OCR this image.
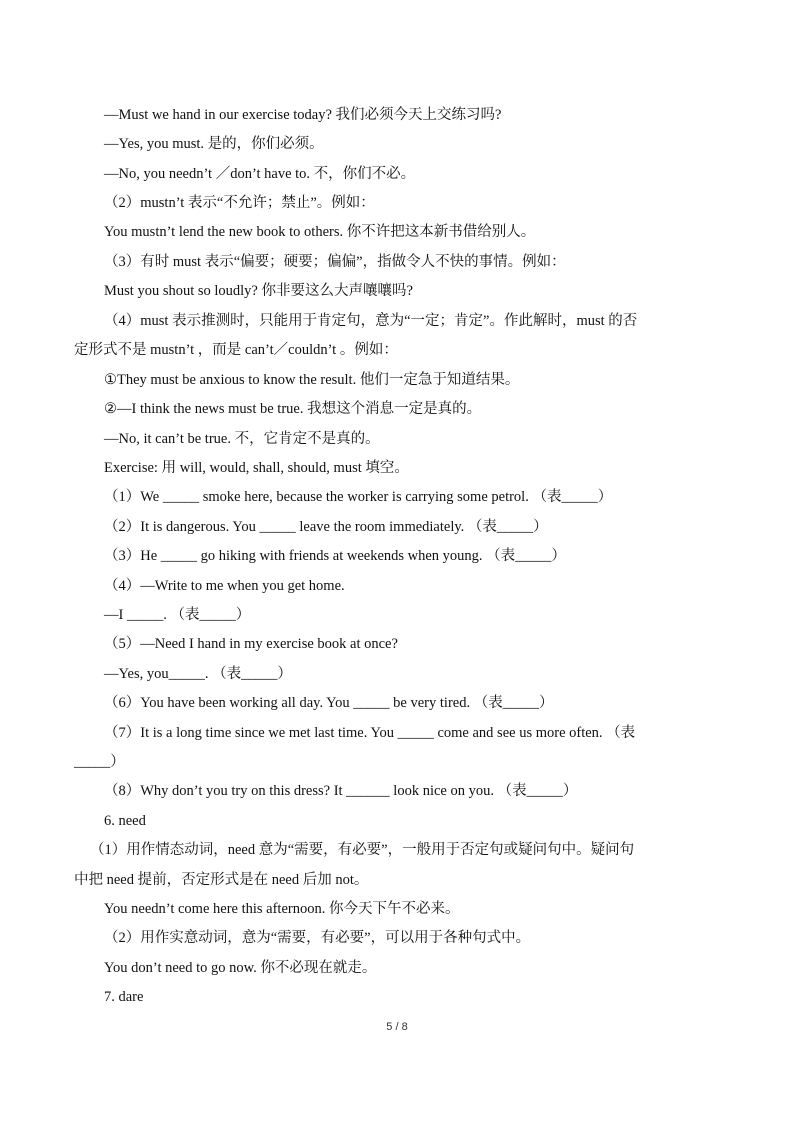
—Must we hand in our exercise today? 我们必须今天上交练习吗?
—Yes, you must. 是的，你们必须。
—No, you needn’t ／don’t have to. 不，你们不必。
（2）mustn’t 表示“不允许；禁止”。例如：
You mustn’t lend the new book to others. 你不许把这本新书借给别人。
（3）有时 must 表示“偏要；硬要；偏偏”，指做令人不快的事情。例如：
Must you shout so loudly? 你非要这么大声嚷嚷吗?
（4）must 表示推测时，只能用于肯定句，意为“一定；肯定”。作此解时，must 的否
定形式不是 mustn’t ，而是 can’t／couldn’t 。例如：
①They must be anxious to know the result. 他们一定急于知道结果。
②—I think the news must be true. 我想这个消息一定是真的。
—No, it can’t be true. 不，它肯定不是真的。
Exercise: 用 will, would, shall, should, must 填空。
（1）We _____ smoke here, because the worker is carrying some petrol. （表_____）
（2）It is dangerous. You _____ leave the room immediately. （表_____）
（3）He _____ go hiking with friends at weekends when young. （表_____）
（4）—Write to me when you get home.
—I _____. （表_____）
（5）—Need I hand in my exercise book at once?
—Yes, you_____. （表_____）
（6）You have been working all day. You _____ be very tired. （表_____）
（7）It is a long time since we met last time. You _____ come and see us more often. （表
_____）
（8）Why don’t you try on this dress? It ______ look nice on you. （表_____）
6. need
（1）用作情态动词，need 意为“需要，有必要”，一般用于否定句或疑问句中。疑问句
中把 need 提前，否定形式是在 need 后加 not。
You needn’t come here this afternoon. 你今天下午不必来。
（2）用作实意动词，意为“需要，有必要”，可以用于各种句式中。
You don’t need to go now. 你不必现在就走。
7. dare
5 / 8
